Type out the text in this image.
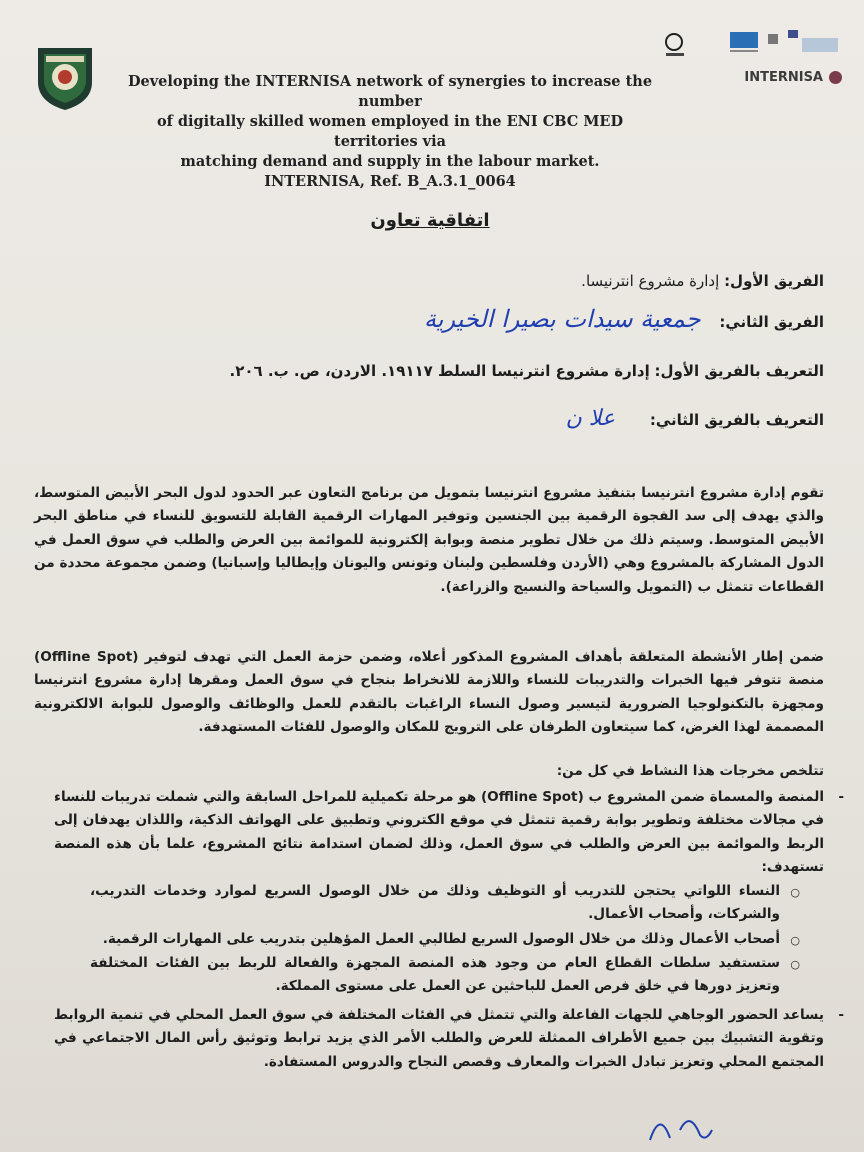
INTERNISA
Developing the INTERNISA network of synergies to increase the number
of digitally skilled women employed in the ENI CBC MED territories via
matching demand and supply in the labour market.
INTERNISA, Ref. B_A.3.1_0064
اتفاقية تعاون
الفريق الأول: إدارة مشروع انترنيسا.
الفريق الثاني: جمعية سيدات بصيرا الخيرية
التعريف بالفريق الأول: إدارة مشروع انترنيسا السلط ١٩١١٧. الاردن، ص. ب. ٢٠٦.
التعريف بالفريق الثاني: علا ن
تقوم إدارة مشروع انترنيسا بتنفيذ مشروع انترنيسا بتمويل من برنامج التعاون عبر الحدود لدول البحر الأبيض المتوسط، والذي يهدف إلى سد الفجوة الرقمية بين الجنسين وتوفير المهارات الرقمية القابلة للتسويق للنساء في مناطق البحر الأبيض المتوسط. وسيتم ذلك من خلال تطوير منصة وبوابة إلكترونية للموائمة بين العرض والطلب في سوق العمل في الدول المشاركة بالمشروع وهي (الأردن وفلسطين ولبنان وتونس واليونان وإيطاليا وإسبانيا) وضمن مجموعة محددة من القطاعات تتمثل ب (التمويل والسياحة والنسيج والزراعة).
ضمن إطار الأنشطة المتعلقة بأهداف المشروع المذكور أعلاه، وضمن حزمة العمل التي تهدف لتوفير (Offline Spot) منصة تتوفر فيها الخبرات والتدريبات للنساء واللازمة للانخراط بنجاح في سوق العمل ومقرها إدارة مشروع انترنيسا ومجهزة بالتكنولوجيا الضرورية لتيسير وصول النساء الراغبات بالتقدم للعمل والوظائف والوصول للبوابة الالكترونية المصممة لهذا الغرض، كما سيتعاون الطرفان على الترويج للمكان والوصول للفئات المستهدفة.
تتلخص مخرجات هذا النشاط في كل من:
-
المنصة والمسماة ضمن المشروع ب (Offline Spot) هو مرحلة تكميلية للمراحل السابقة والتي شملت تدريبات للنساء في مجالات مختلفة وتطوير بوابة رقمية تتمثل في موقع الكتروني وتطبيق على الهواتف الذكية، واللذان يهدفان إلى الربط والموائمة بين العرض والطلب في سوق العمل، وذلك لضمان استدامة نتائج المشروع، علما بأن هذه المنصة تستهدف:
○
النساء اللواتي يحتجن للتدريب أو التوظيف وذلك من خلال الوصول السريع لموارد وخدمات التدريب، والشركات، وأصحاب الأعمال.
○
أصحاب الأعمال وذلك من خلال الوصول السريع لطالبي العمل المؤهلين بتدريب على المهارات الرقمية.
○
ستستفيد سلطات القطاع العام من وجود هذه المنصة المجهزة والفعالة للربط بين الفئات المختلفة وتعزيز دورها في خلق فرص العمل للباحثين عن العمل على مستوى المملكة.
-
يساعد الحضور الوجاهي للجهات الفاعلة والتي تتمثل في الفئات المختلفة في سوق العمل المحلي في تنمية الروابط وتقوية التشبيك بين جميع الأطراف الممثلة للعرض والطلب الأمر الذي يزيد ترابط وتوثيق رأس المال الاجتماعي في المجتمع المحلي وتعزيز تبادل الخبرات والمعارف وقصص النجاح والدروس المستفادة.
